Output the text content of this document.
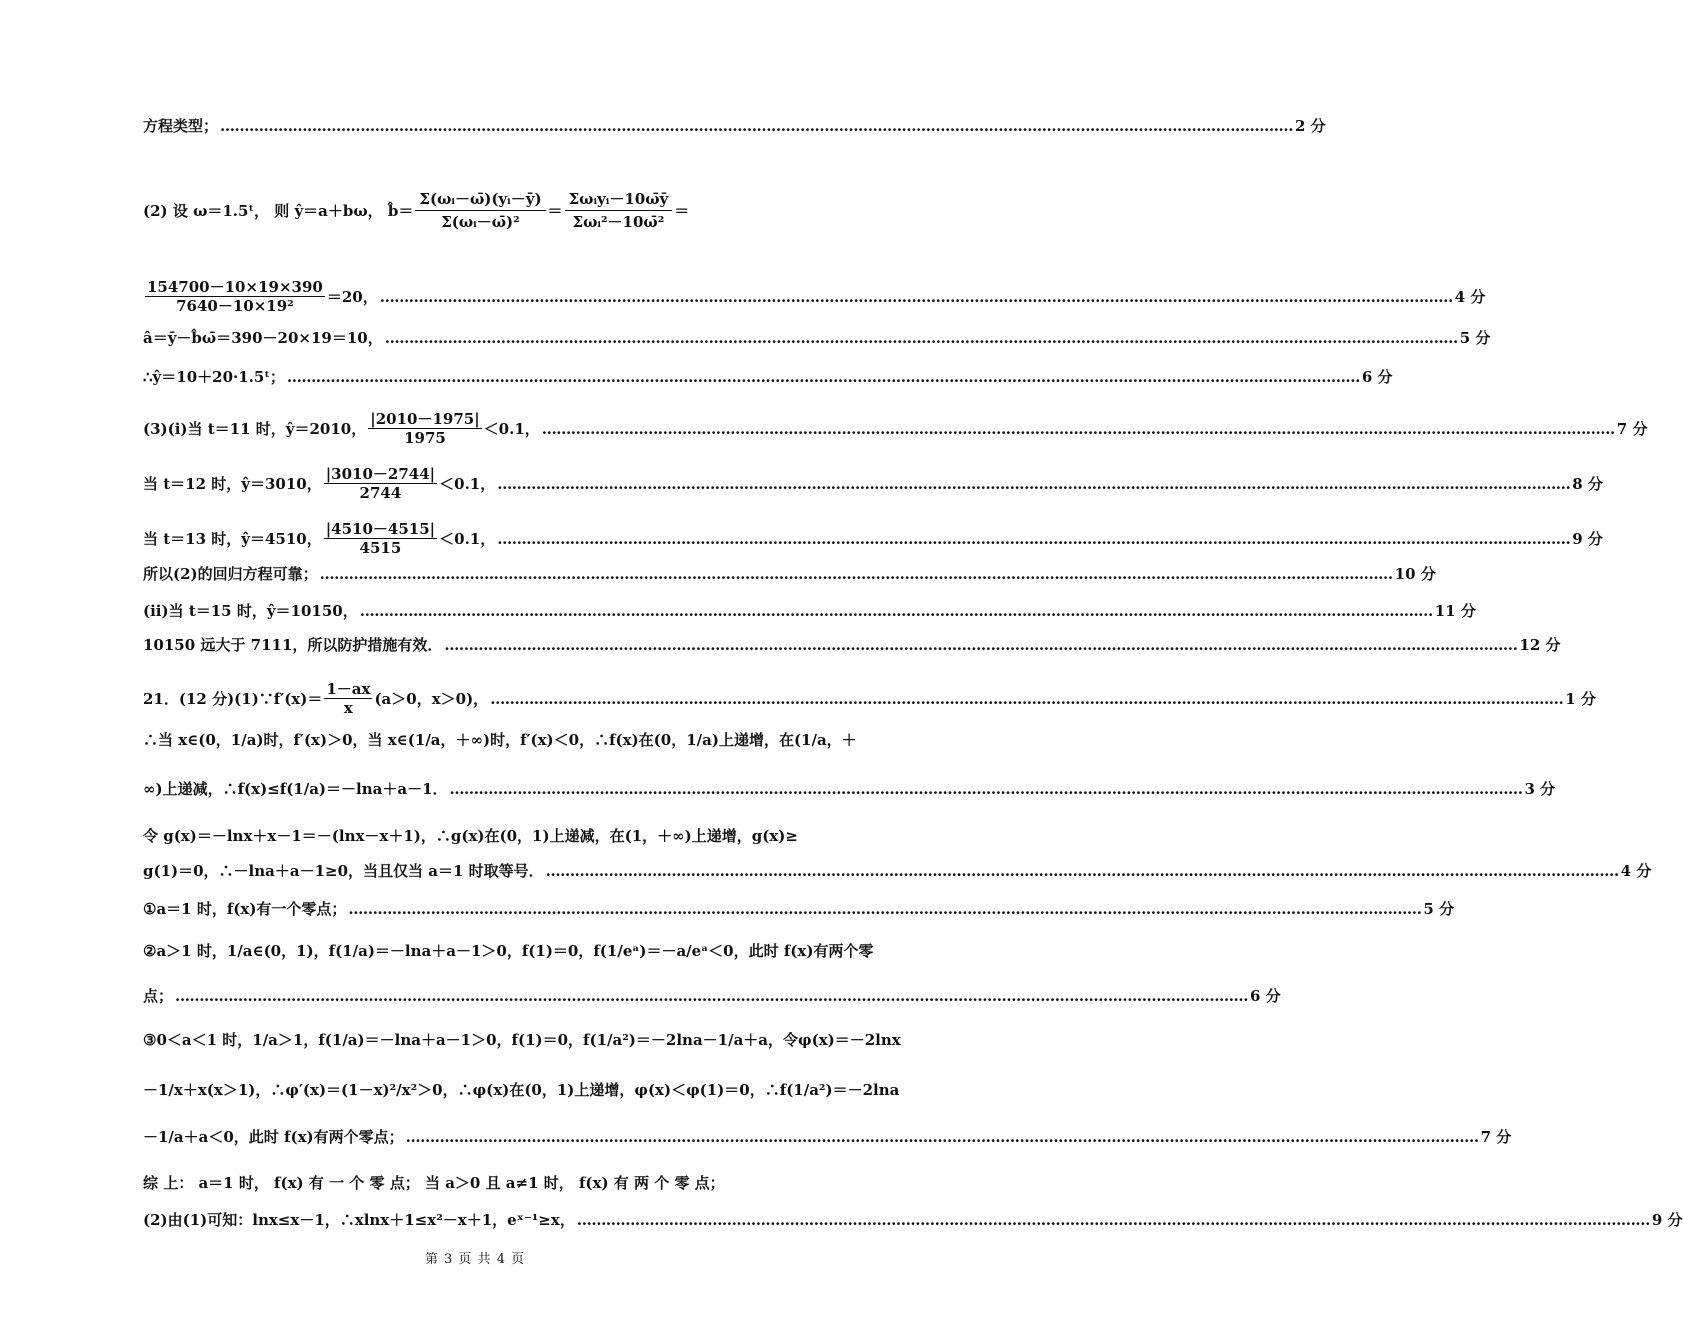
方程类型； …………………………………………………………………………………………………………………………………………………………………………………………………… 2 分
(2) 设 ω＝1.5ᵗ， 则 ŷ＝a＋bω， b̂＝ $\frac{\text{Σ(ωᵢ－ω̄)(yᵢ－ȳ)}}{\text{Σ(ωᵢ－ω̄)²}} = \frac{\text{Σωᵢyᵢ－10ω̄ȳ}}{\text{Σωᵢ²－10ω̄²}}$ ＝
$\frac{154700-10\times 19\times 390}{\text{7640－10×19²}} =20$， …………………………………………………………………………………………………………………………………………………………………………………………………… 4 分
â＝ȳ－b̂ω̄＝390－20×19＝10， …………………………………………………………………………………………………………………………………………………………………………………………………… 5 分
∴ŷ＝10＋20·1.5ᵗ； …………………………………………………………………………………………………………………………………………………………………………………………………… 6 分
(3)(i)当 t＝11 时，ŷ＝2010， $\frac{|2010-1975|}{1975} <0.1$， …………………………………………………………………………………………………………………………………………………………………………………………………… 7 分
当 t＝12 时，ŷ＝3010， $\frac{|3010-2744|}{2744} <0.1$， …………………………………………………………………………………………………………………………………………………………………………………………………… 8 分
当 t＝13 时，ŷ＝4510， $\frac{|4510-4515|}{4515} <0.1$， …………………………………………………………………………………………………………………………………………………………………………………………………… 9 分
所以(2)的回归方程可靠； …………………………………………………………………………………………………………………………………………………………………………………………………… 10 分
(ii)当 t＝15 时，ŷ＝10150， …………………………………………………………………………………………………………………………………………………………………………………………………… 11 分
10150 远大于 7111，所以防护措施有效． …………………………………………………………………………………………………………………………………………………………………………………………………… 12 分
21．(12 分)(1)∵f′(x)＝ $\frac{1-ax}{x} (a>0$，x＞0)， …………………………………………………………………………………………………………………………………………………………………………………………………… 1 分
∴当 x∈(0，1/a)时，f′(x)＞0，当 x∈(1/a，＋∞)时，f′(x)＜0，∴f(x)在(0，1/a)上递增，在(1/a，＋
∞)上递减，∴f(x)≤f(1/a)＝－lna＋a－1． …………………………………………………………………………………………………………………………………………………………………………………………………… 3 分
令 g(x)＝－lnx＋x－1＝－(lnx－x＋1)，∴g(x)在(0，1)上递减，在(1，＋∞)上递增，g(x)≥
g(1)＝0，∴－lna＋a－1≥0，当且仅当 a＝1 时取等号． …………………………………………………………………………………………………………………………………………………………………………………………………… 4 分
①a＝1 时，f(x)有一个零点； …………………………………………………………………………………………………………………………………………………………………………………………………… 5 分
②a＞1 时，1/a∈(0，1)，f(1/a)＝－lna＋a－1＞0，f(1)＝0，f(1/eᵃ)＝－a/eᵃ＜0，此时 f(x)有两个零
点； …………………………………………………………………………………………………………………………………………………………………………………………………… 6 分
③0＜a＜1 时，1/a＞1，f(1/a)＝－lna＋a－1＞0，f(1)＝0，f(1/a²)＝－2lna－1/a＋a，令φ(x)＝－2lnx
－1/x＋x(x＞1)，∴φ′(x)＝(1－x)²/x²＞0，∴φ(x)在(0，1)上递增，φ(x)＜φ(1)＝0，∴f(1/a²)＝－2lna
－1/a＋a＜0，此时 f(x)有两个零点； …………………………………………………………………………………………………………………………………………………………………………………………………… 7 分
综 上： a＝1 时， f(x) 有 一 个 零 点； 当 a＞0 且 a≠1 时， f(x) 有 两 个 零 点；
(2)由(1)可知：lnx≤x－1，∴xlnx＋1≤x²－x＋1，eˣ⁻¹≥x， …………………………………………………………………………………………………………………………………………………………………………………………………… 9 分
第 3 页 共 4 页
